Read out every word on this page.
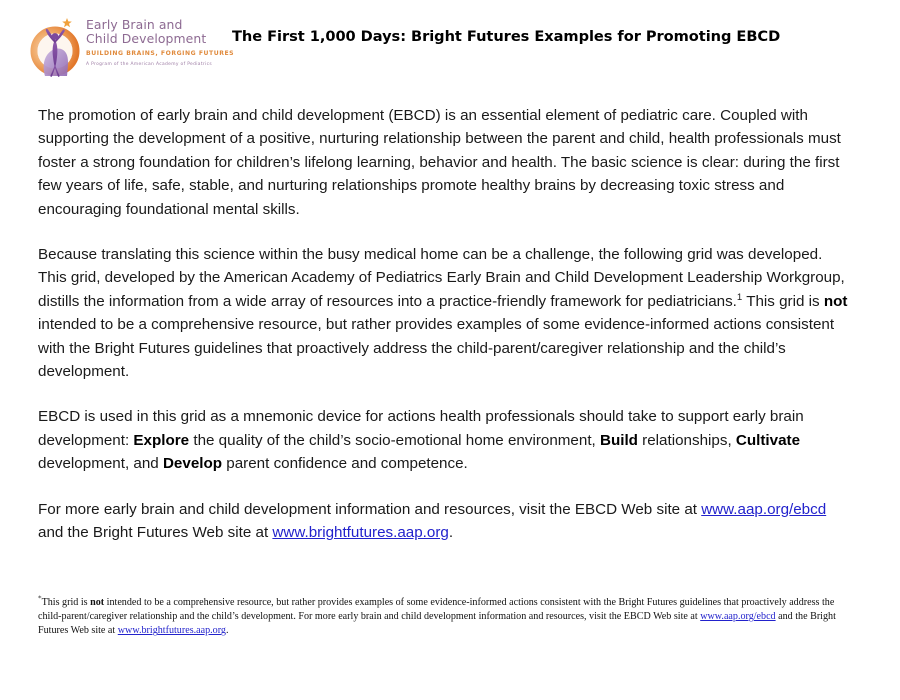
Early Brain and
Child Development
BUILDING BRAINS, FORGING FUTURES
A Program of the American Academy of Pediatrics
The First 1,000 Days: Bright Futures Examples for Promoting EBCD

The promotion of early brain and child development (EBCD) is an essential element of pediatric care. Coupled with supporting the development of a positive, nurturing relationship between the parent and child, health professionals must foster a strong foundation for children’s lifelong learning, behavior and health. The basic science is clear: during the first few years of life, safe, stable, and nurturing relationships promote healthy brains by decreasing toxic stress and encouraging foundational mental skills.

Because translating this science within the busy medical home can be a challenge, the following grid was developed. This grid, developed by the American Academy of Pediatrics Early Brain and Child Development Leadership Workgroup, distills the information from a wide array of resources into a practice-friendly framework for pediatricians.$^1$ This grid is not intended to be a comprehensive resource, but rather provides examples of some evidence-informed actions consistent with the Bright Futures guidelines that proactively address the child-parent/caregiver relationship and the child’s development.

EBCD is used in this grid as a mnemonic device for actions health professionals should take to support early brain development: Explore the quality of the child’s socio-emotional home environment, Build relationships, Cultivate development, and Develop parent confidence and competence.

For more early brain and child development information and resources, visit the EBCD Web site at www.aap.org/ebcd and the Bright Futures Web site at www.brightfutures.aap.org.

*This grid is not intended to be a comprehensive resource, but rather provides examples of some evidence-informed actions consistent with the Bright Futures guidelines that proactively address the child-parent/caregiver relationship and the child’s development. For more early brain and child development information and resources, visit the EBCD Web site at www.aap.org/ebcd and the Bright Futures Web site at www.brightfutures.aap.org.
